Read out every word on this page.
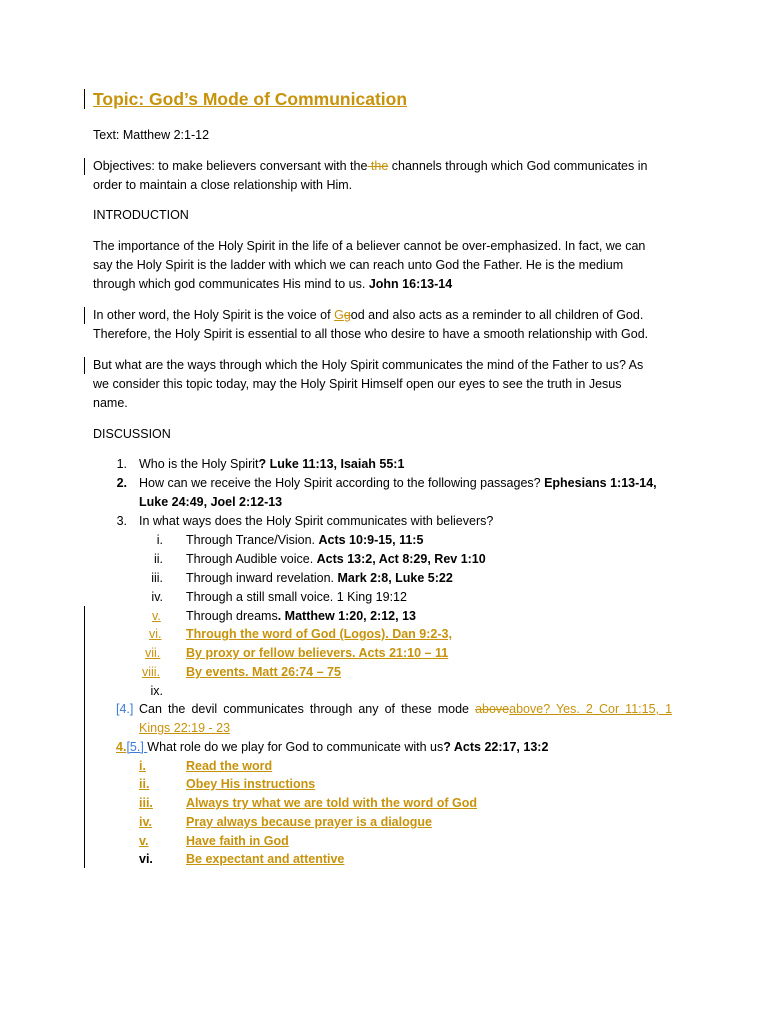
Topic: God’s Mode of Communication
Text: Matthew 2:1-12
Objectives: to make believers conversant with the the channels through which God communicates in
order to maintain a close relationship with Him.
INTRODUCTION
The importance of the Holy Spirit in the life of a believer cannot be over-emphasized. In fact, we can
say the Holy Spirit is the ladder with which we can reach unto God the Father. He is the medium
through which god communicates His mind to us. John 16:13-14
In other word, the Holy Spirit is the voice of Ggod and also acts as a reminder to all children of God.
Therefore, the Holy Spirit is essential to all those who desire to have a smooth relationship with God.
But what are the ways through which the Holy Spirit communicates the mind of the Father to us? As
we consider this topic today, may the Holy Spirit Himself open our eyes to see the truth in Jesus
name.
DISCUSSION
1. Who is the Holy Spirit? Luke 11:13, Isaiah 55:1
2. How can we receive the Holy Spirit according to the following passages? Ephesians 1:13-14,
Luke 24:49, Joel 2:12-13
3. In what ways does the Holy Spirit communicates with believers?
i. Through Trance/Vision. Acts 10:9-15, 11:5
ii. Through Audible voice. Acts 13:2, Act 8:29, Rev 1:10
iii. Through inward revelation. Mark 2:8, Luke 5:22
iv. Through a still small voice. 1 King 19:12
v.	Through dreams. Matthew 1:20, 2:12, 13
vi.	Through the word of God (Logos). Dan 9:2-3,
vii.	By proxy or fellow believers. Acts 21:10 – 11
viii.	By events. Matt 26:74 – 75
ix.
[4.] Can the devil communicates through any of these mode aboveabove? Yes. 2 Cor 11:15, 1
Kings 22:19 - 23
4.[5.] What role do we play for God to communicate with us? Acts 22:17, 13:2
i.	Read the word
ii.	Obey His instructions
iii.	Always try what we are told with the word of God
iv.	Pray always because prayer is a dialogue
v.	Have faith in God
vi.	Be expectant and attentive
